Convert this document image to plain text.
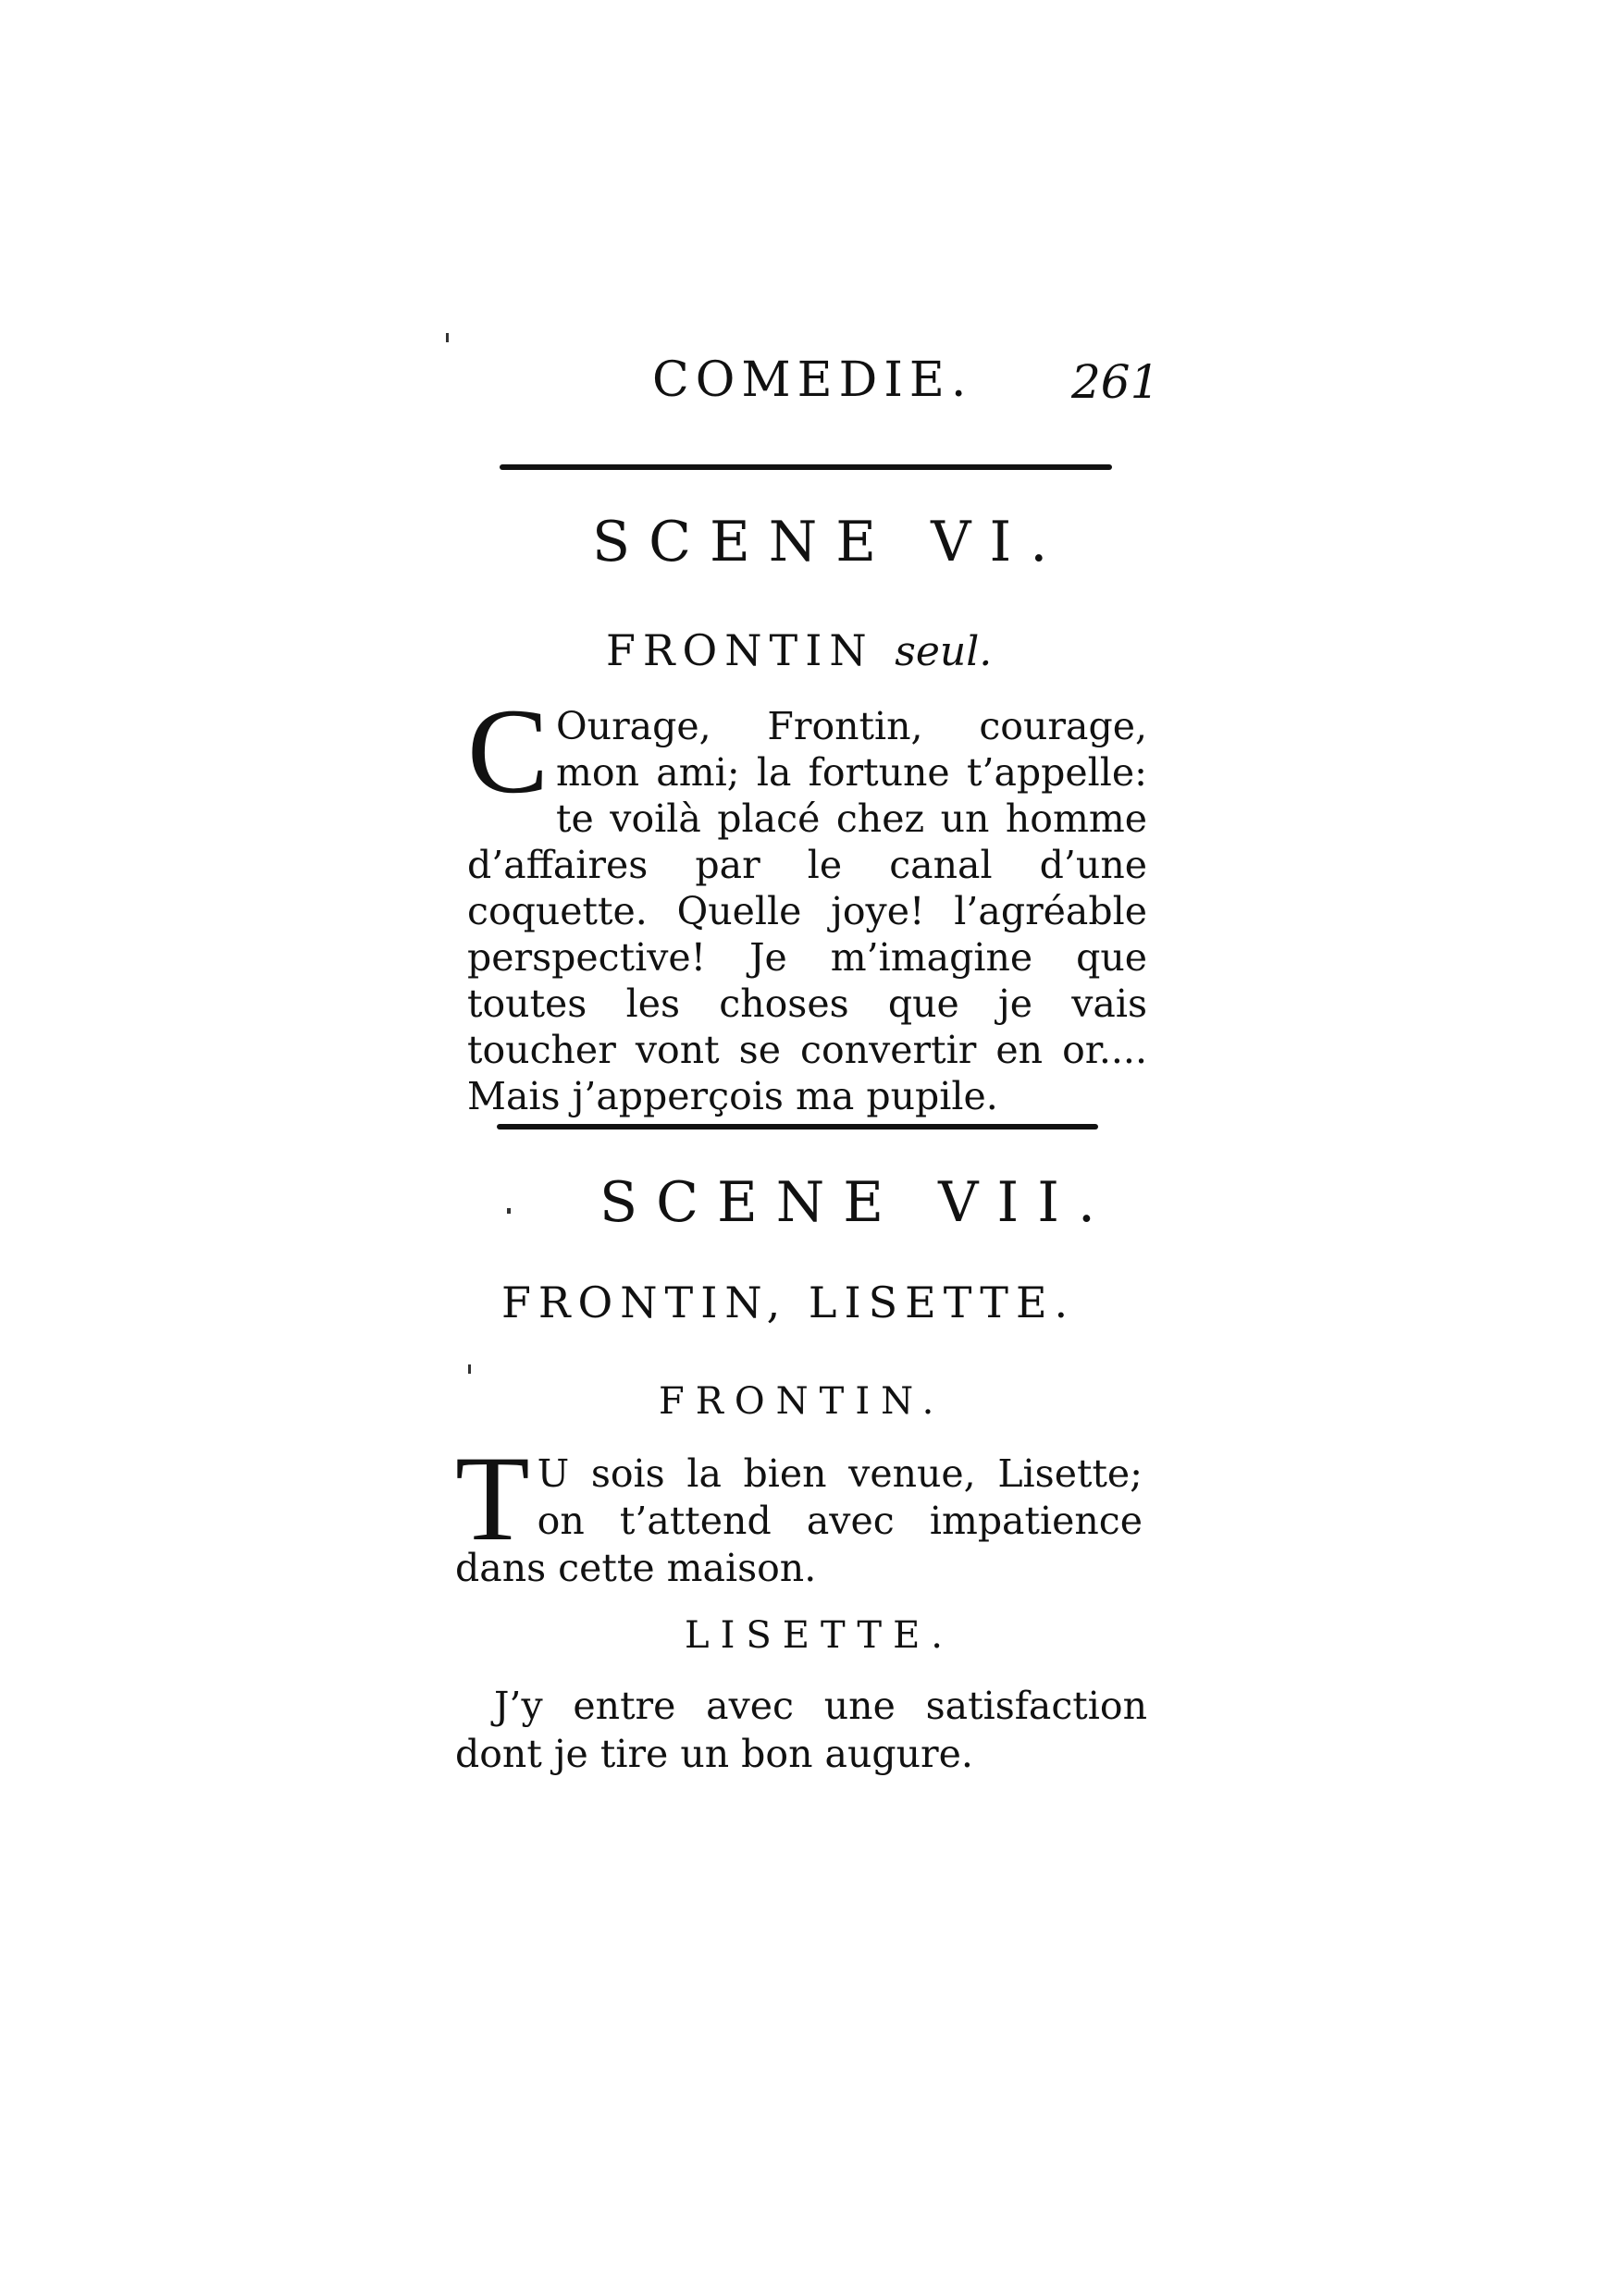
COMEDIE. 261
SCENE VI.
FRONTIN seul.
C Ourage, Frontin, courage, mon ami; la fortune t’appelle: te voilà placé chez un homme d’affaires par le canal d’une coquette. Quelle joye! l’agréable perspective! Je m’imagine que toutes les choses que je vais toucher vont se convertir en or.... Mais j’apperçois ma pupile.
SCENE VII.
FRONTIN, LISETTE.
FRONTIN.
T U sois la bien venue, Lisette; on t’attend avec impatience dans cette maison.
LISETTE.
J’y entre avec une satisfaction dont je tire un bon augure.
